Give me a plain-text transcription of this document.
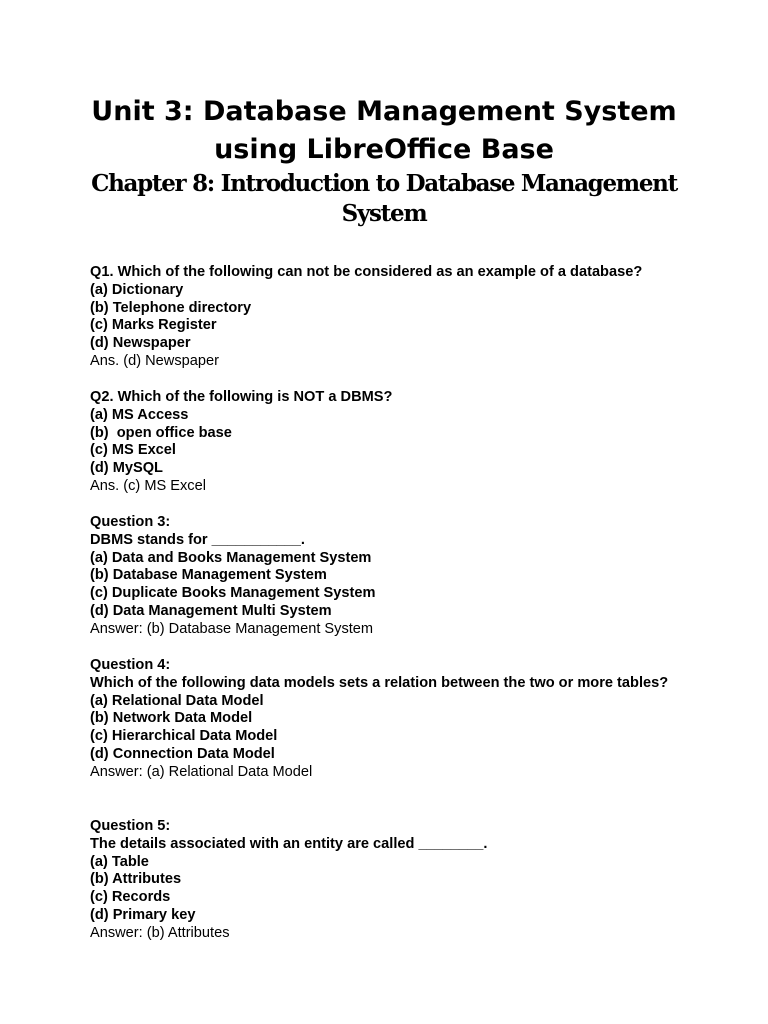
Unit 3: Database Management System
using LibreOffice Base
Chapter 8: Introduction to Database Management
System
Q1. Which of the following can not be considered as an example of a database?
(a) Dictionary
(b) Telephone directory
(c) Marks Register
(d) Newspaper
Ans. (d) Newspaper
Q2. Which of the following is NOT a DBMS?
(a) MS Access
(b)  open office base
(c) MS Excel
(d) MySQL
Ans. (c) MS Excel
Question 3:
DBMS stands for ___________.
(a) Data and Books Management System
(b) Database Management System
(c) Duplicate Books Management System
(d) Data Management Multi System
Answer: (b) Database Management System
Question 4:
Which of the following data models sets a relation between the two or more tables?
(a) Relational Data Model
(b) Network Data Model
(c) Hierarchical Data Model
(d) Connection Data Model
Answer: (a) Relational Data Model
Question 5:
The details associated with an entity are called ________.
(a) Table
(b) Attributes
(c) Records
(d) Primary key
Answer: (b) Attributes
